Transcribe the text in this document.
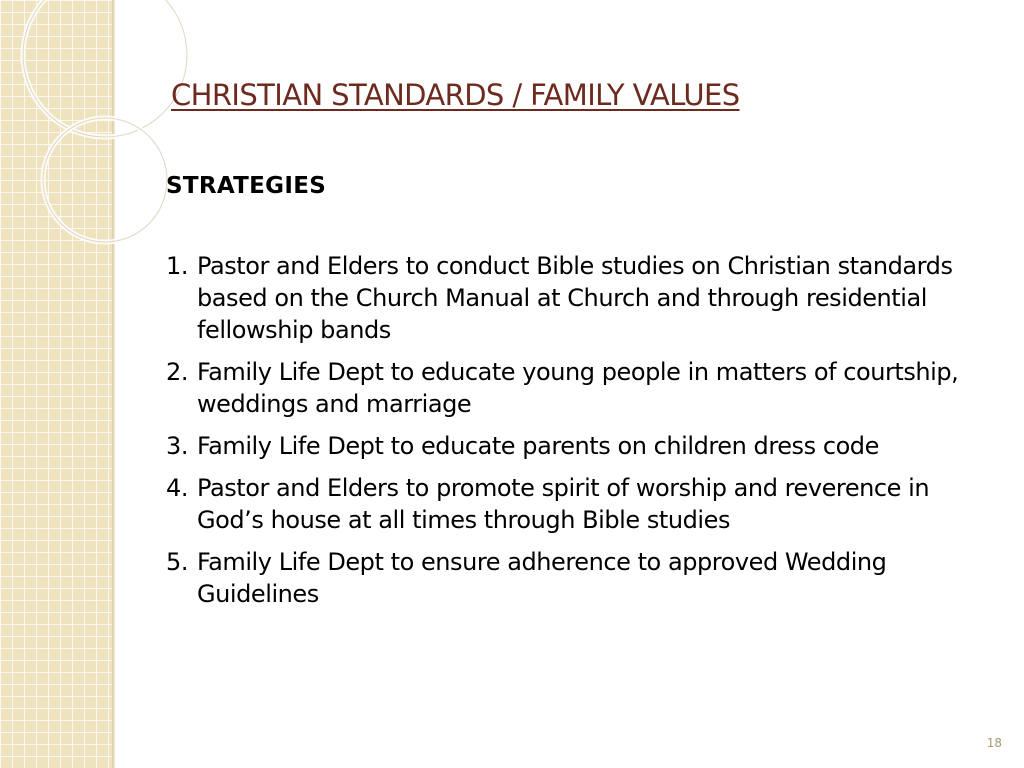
CHRISTIAN STANDARDS / FAMILY VALUES
STRATEGIES
1. Pastor and Elders to conduct Bible studies on Christian standards based on the Church Manual at Church and through residential fellowship bands
2. Family Life Dept to educate young people in matters of courtship, weddings and marriage
3. Family Life Dept to educate parents on children dress code
4. Pastor and Elders to promote spirit of worship and reverence in God’s house at all times through Bible studies
5. Family Life Dept to ensure adherence to approved Wedding Guidelines
18
